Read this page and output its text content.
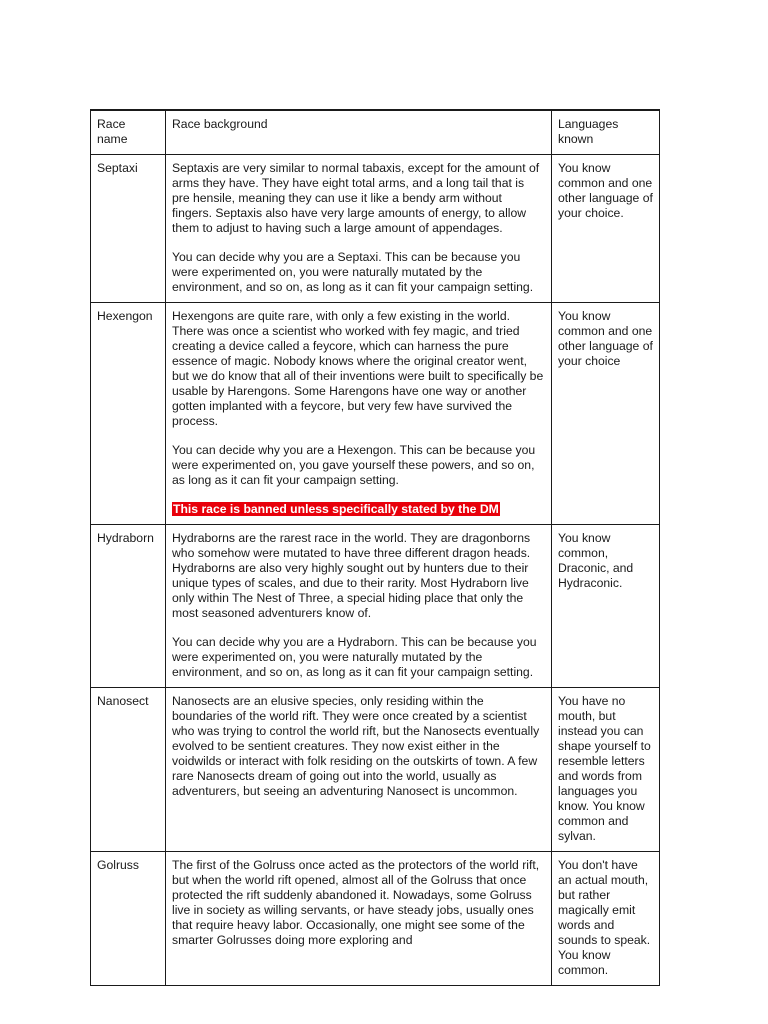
Race name	Race background	Languages known
Septaxi	Septaxis are very similar to normal tabaxis, except for the amount of arms they have. They have eight total arms, and a long tail that is pre hensile, meaning they can use it like a bendy arm without fingers. Septaxis also have very large amounts of energy, to allow them to adjust to having such a large amount of appendages.

You can decide why you are a Septaxi. This can be because you were experimented on, you were naturally mutated by the environment, and so on, as long as it can fit your campaign setting.	You know common and one other language of your choice.
Hexengon	Hexengons are quite rare, with only a few existing in the world. There was once a scientist who worked with fey magic, and tried creating a device called a feycore, which can harness the pure essence of magic. Nobody knows where the original creator went, but we do know that all of their inventions were built to specifically be usable by Harengons. Some Harengons have one way or another gotten implanted with a feycore, but very few have survived the process.

You can decide why you are a Hexengon. This can be because you were experimented on, you gave yourself these powers, and so on, as long as it can fit your campaign setting.

This race is banned unless specifically stated by the DM	You know common and one other language of your choice
Hydraborn	Hydraborns are the rarest race in the world. They are dragonborns who somehow were mutated to have three different dragon heads. Hydraborns are also very highly sought out by hunters due to their unique types of scales, and due to their rarity. Most Hydraborn live only within The Nest of Three, a special hiding place that only the most seasoned adventurers know of.

You can decide why you are a Hydraborn. This can be because you were experimented on, you were naturally mutated by the environment, and so on, as long as it can fit your campaign setting.	You know common, Draconic, and Hydraconic.
Nanosect	Nanosects are an elusive species, only residing within the boundaries of the world rift. They were once created by a scientist who was trying to control the world rift, but the Nanosects eventually evolved to be sentient creatures. They now exist either in the voidwilds or interact with folk residing on the outskirts of town. A few rare Nanosects dream of going out into the world, usually as adventurers, but seeing an adventuring Nanosect is uncommon.	You have no mouth, but instead you can shape yourself to resemble letters and words from languages you know. You know common and sylvan.
Golruss	The first of the Golruss once acted as the protectors of the world rift, but when the world rift opened, almost all of the Golruss that once protected the rift suddenly abandoned it. Nowadays, some Golruss live in society as willing servants, or have steady jobs, usually ones that require heavy labor. Occasionally, one might see some of the smarter Golrusses doing more exploring and	You don't have an actual mouth, but rather magically emit words and sounds to speak. You know common.
